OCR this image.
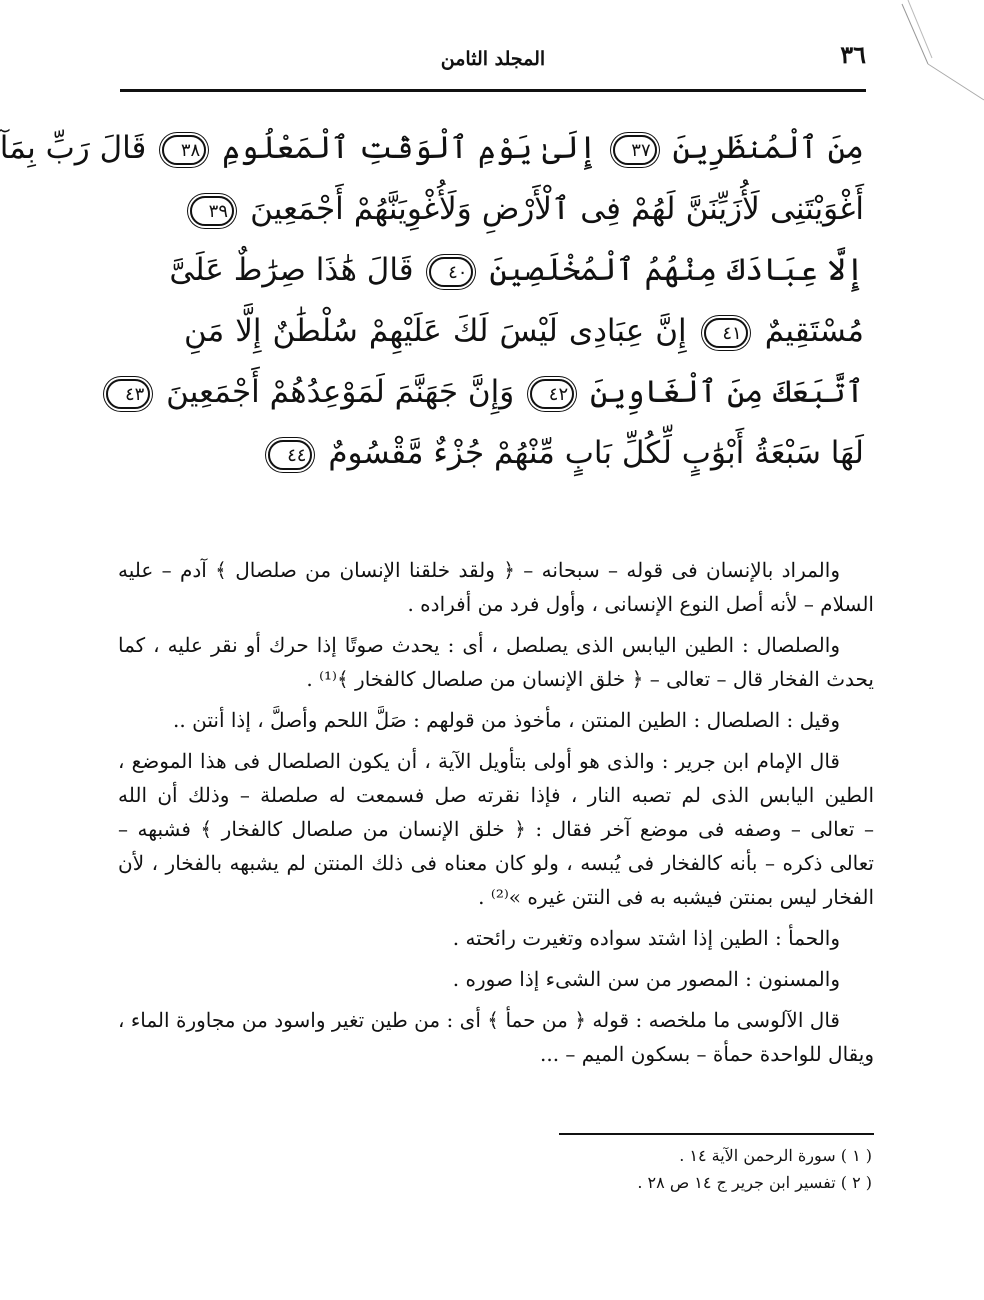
٣٦
المجلد الثامن
مِنَ ٱلْمُنظَرِينَ ٣٧ إِلَىٰ يَوْمِ ٱلْوَقْتِ ٱلْمَعْلُومِ ٣٨ قَالَ رَبِّ بِمَآ
أَغْوَيْتَنِى لَأُزَيِّنَنَّ لَهُمْ فِى ٱلْأَرْضِ وَلَأُغْوِيَنَّهُمْ أَجْمَعِينَ ٣٩
إِلَّا عِبَادَكَ مِنْهُمُ ٱلْمُخْلَصِينَ ٤٠ قَالَ هَٰذَا صِرَٰطٌ عَلَىَّ
مُسْتَقِيمٌ ٤١ إِنَّ عِبَادِى لَيْسَ لَكَ عَلَيْهِمْ سُلْطَٰنٌ إِلَّا مَنِ
ٱتَّبَعَكَ مِنَ ٱلْغَاوِينَ ٤٢ وَإِنَّ جَهَنَّمَ لَمَوْعِدُهُمْ أَجْمَعِينَ ٤٣
لَهَا سَبْعَةُ أَبْوَٰبٍ لِّكُلِّ بَابٍ مِّنْهُمْ جُزْءٌ مَّقْسُومٌ ٤٤
والمراد بالإنسان فى قوله – سبحانه – ﴿ ولقد خلقنا الإنسان من صلصال ﴾ آدم – عليه
السلام – لأنه أصل النوع الإنسانى ، وأول فرد من أفراده .
والصلصال : الطين اليابس الذى يصلصل ، أى : يحدث صوتًا إذا حرك أو نقر عليه ، كما
يحدث الفخار قال – تعالى – ﴿ خلق الإنسان من صلصال كالفخار ﴾⁽¹⁾ .
وقيل : الصلصال : الطين المنتن ، مأخوذ من قولهم : صَلَّ اللحم وأصلَّ ، إذا أنتن ..
قال الإمام ابن جرير : والذى هو أولى بتأويل الآية ، أن يكون الصلصال فى هذا الموضع ،
الطين اليابس الذى لم تصبه النار ، فإذا نقرته صل فسمعت له صلصلة – وذلك أن الله
– تعالى – وصفه فى موضع آخر فقال : ﴿ خلق الإنسان من صلصال كالفخار ﴾ فشبهه –
تعالى ذكره – بأنه كالفخار فى يُبسه ، ولو كان معناه فى ذلك المنتن لم يشبهه بالفخار ، لأن
الفخار ليس بمنتن فيشبه به فى النتن غيره »⁽²⁾ .
والحمأ : الطين إذا اشتد سواده وتغيرت رائحته .
والمسنون : المصور من سن الشىء إذا صوره .
قال الآلوسى ما ملخصه : قوله ﴿ من حمأ ﴾ أى : من طين تغير واسود من مجاورة الماء ،
ويقال للواحدة حمأة – بسكون الميم – ...
( ١ ) سورة الرحمن الآية ١٤ .
( ٢ ) تفسير ابن جرير ج ١٤ ص ٢٨ .
